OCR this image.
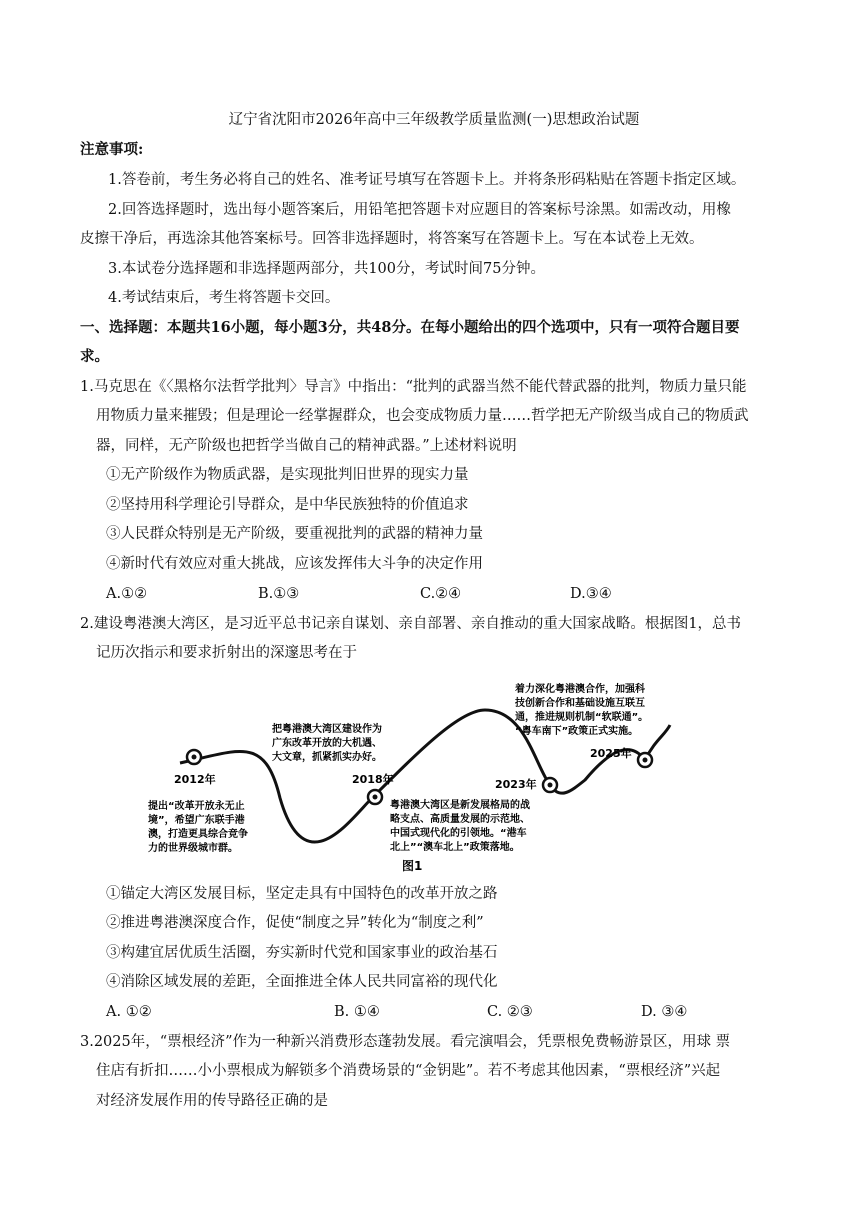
辽宁省沈阳市2026年高中三年级教学质量监测(一)思想政治试题
注意事项:
1.答卷前，考生务必将自己的姓名、准考证号填写在答题卡上。并将条形码粘贴在答题卡指定区域。
2.回答选择题时，选出每小题答案后，用铅笔把答题卡对应题目的答案标号涂黑。如需改动，用橡
皮擦干净后，再选涂其他答案标号。回答非选择题时，将答案写在答题卡上。写在本试卷上无效。
3.本试卷分选择题和非选择题两部分，共100分，考试时间75分钟。
4.考试结束后，考生将答题卡交回。
一、选择题：本题共16小题，每小题3分，共48分。在每小题给出的四个选项中，只有一项符合题目要
求。
1.马克思在《〈黑格尔法哲学批判〉导言》中指出：“批判的武器当然不能代替武器的批判，物质力量只能
用物质力量来摧毁；但是理论一经掌握群众，也会变成物质力量……哲学把无产阶级当成自己的物质武
器，同样，无产阶级也把哲学当做自己的精神武器。”上述材料说明
①无产阶级作为物质武器，是实现批判旧世界的现实力量
②坚持用科学理论引导群众，是中华民族独特的价值追求
③人民群众特别是无产阶级，要重视批判的武器的精神力量
④新时代有效应对重大挑战，应该发挥伟大斗争的决定作用
A.①②	B.①③	C.②④	D.③④
2.建设粤港澳大湾区，是习近平总书记亲自谋划、亲自部署、亲自推动的重大国家战略。根据图1，总书
记历次指示和要求折射出的深邃思考在于
2012年
提出“改革开放永无止
境”，希望广东联手港
澳，打造更具综合竞争
力的世界级城市群。
2018年
把粤港澳大湾区建设作为
广东改革开放的大机遇、
大文章，抓紧抓实办好。
2023年
粤港澳大湾区是新发展格局的战
略支点、高质量发展的示范地、
中国式现代化的引领地。“港车
北上”“澳车北上”政策落地。
2025年
着力深化粤港澳合作，加强科
技创新合作和基础设施互联互
通，推进规则机制“软联通”。
“粤车南下”政策正式实施。
图1
①锚定大湾区发展目标，坚定走具有中国特色的改革开放之路
②推进粤港澳深度合作，促使“制度之异”转化为“制度之利”
③构建宜居优质生活圈，夯实新时代党和国家事业的政治基石
④消除区域发展的差距，全面推进全体人民共同富裕的现代化
A. ①②	B. ①④	C. ②③	D. ③④
3.2025年，“票根经济”作为一种新兴消费形态蓬勃发展。看完演唱会，凭票根免费畅游景区，用球 票
住店有折扣……小小票根成为解锁多个消费场景的“金钥匙”。若不考虑其他因素，“票根经济”兴起
对经济发展作用的传导路径正确的是
